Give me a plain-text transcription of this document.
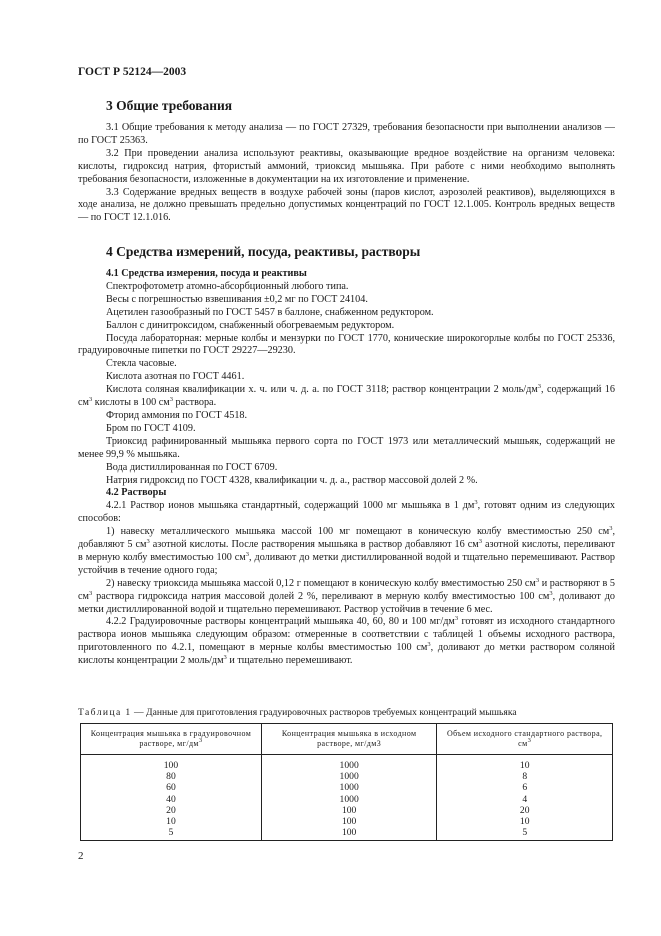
ГОСТ Р 52124—2003
3 Общие требования

3.1 Общие требования к методу анализа — по ГОСТ 27329, требования безопасности при выполнении анализов — по ГОСТ 25363.

3.2 При проведении анализа используют реактивы, оказывающие вредное воздействие на организм человека: кислоты, гидроксид натрия, фтористый аммоний, триоксид мышьяка. При работе с ними необходимо выполнять требования безопасности, изложенные в документации на их изготовление и применение.

3.3 Содержание вредных веществ в воздухе рабочей зоны (паров кислот, аэрозолей реактивов), выделяющихся в ходе анализа, не должно превышать предельно допустимых концентраций по ГОСТ 12.1.005. Контроль вредных веществ — по ГОСТ 12.1.016.

4 Средства измерений, посуда, реактивы, растворы

4.1 Средства измерения, посуда и реактивы

Спектрофотометр атомно-абсорбционный любого типа.

Весы с погрешностью взвешивания ±0,2 мг по ГОСТ 24104.

Ацетилен газообразный по ГОСТ 5457 в баллоне, снабженном редуктором.

Баллон с динитроксидом, снабженный обогреваемым редуктором.

Посуда лабораторная: мерные колбы и мензурки по ГОСТ 1770, конические широкогорлые колбы по ГОСТ 25336, градуировочные пипетки по ГОСТ 29227—29230.

Стекла часовые.

Кислота азотная по ГОСТ 4461.

Кислота соляная квалификации х. ч. или ч. д. а. по ГОСТ 3118; раствор концентрации 2 моль/$дм^3$, содержащий 16 $см^3$ кислоты в 100 $см^3$ раствора.

Фторид аммония по ГОСТ 4518.

Бром по ГОСТ 4109.

Триоксид рафинированный мышьяка первого сорта по ГОСТ 1973 или металлический мышьяк, содержащий не менее 99,9 % мышьяка.

Вода дистиллированная по ГОСТ 6709.

Натрия гидроксид по ГОСТ 4328, квалификации ч. д. а., раствор массовой долей 2 %.

4.2 Растворы

4.2.1 Раствор ионов мышьяка стандартный, содержащий 1000 мг мышьяка в 1 $дм^3$, готовят одним из следующих способов:

1) навеску металлического мышьяка массой 100 мг помещают в коническую колбу вместимостью 250 $см^3$, добавляют 5 $см^3$ азотной кислоты. После растворения мышьяка в раствор добавляют 16 $см^3$ азотной кислоты, переливают в мерную колбу вместимостью 100 $см^3$, доливают до метки дистиллированной водой и тщательно перемешивают. Раствор устойчив в течение одного года;

2) навеску триоксида мышьяка массой 0,12 г помещают в коническую колбу вместимостью 250 $см^3$ и растворяют в 5 $см^3$ раствора гидроксида натрия массовой долей 2 %, переливают в мерную колбу вместимостью 100 $см^3$, доливают до метки дистиллированной водой и тщательно перемешивают. Раствор устойчив в течение 6 мес.

4.2.2 Градуировочные растворы концентраций мышьяка 40, 60, 80 и 100 $мг/дм^3$ готовят из исходного стандартного раствора ионов мышьяка следующим образом: отмеренные в соответствии с таблицей 1 объемы исходного раствора, приготовленного по 4.2.1, помещают в мерные колбы вместимостью 100 $см^3$, доливают до метки раствором соляной кислоты концентрации 2 моль/$дм^3$ и тщательно перемешивают.

Таблица 1 — Данные для приготовления градуировочных растворов требуемых концентраций мышьяка
Концентрация мышьяка в градуировочном растворе, $мг/дм^3$	Концентрация мышьяка в исходном растворе, мг/дм3	Объем исходного стандартного раствора, $см^3$
100	1000	10
80	1000	8
60	1000	6
40	1000	4
20	100	20
10	100	10
5	100	5
2
